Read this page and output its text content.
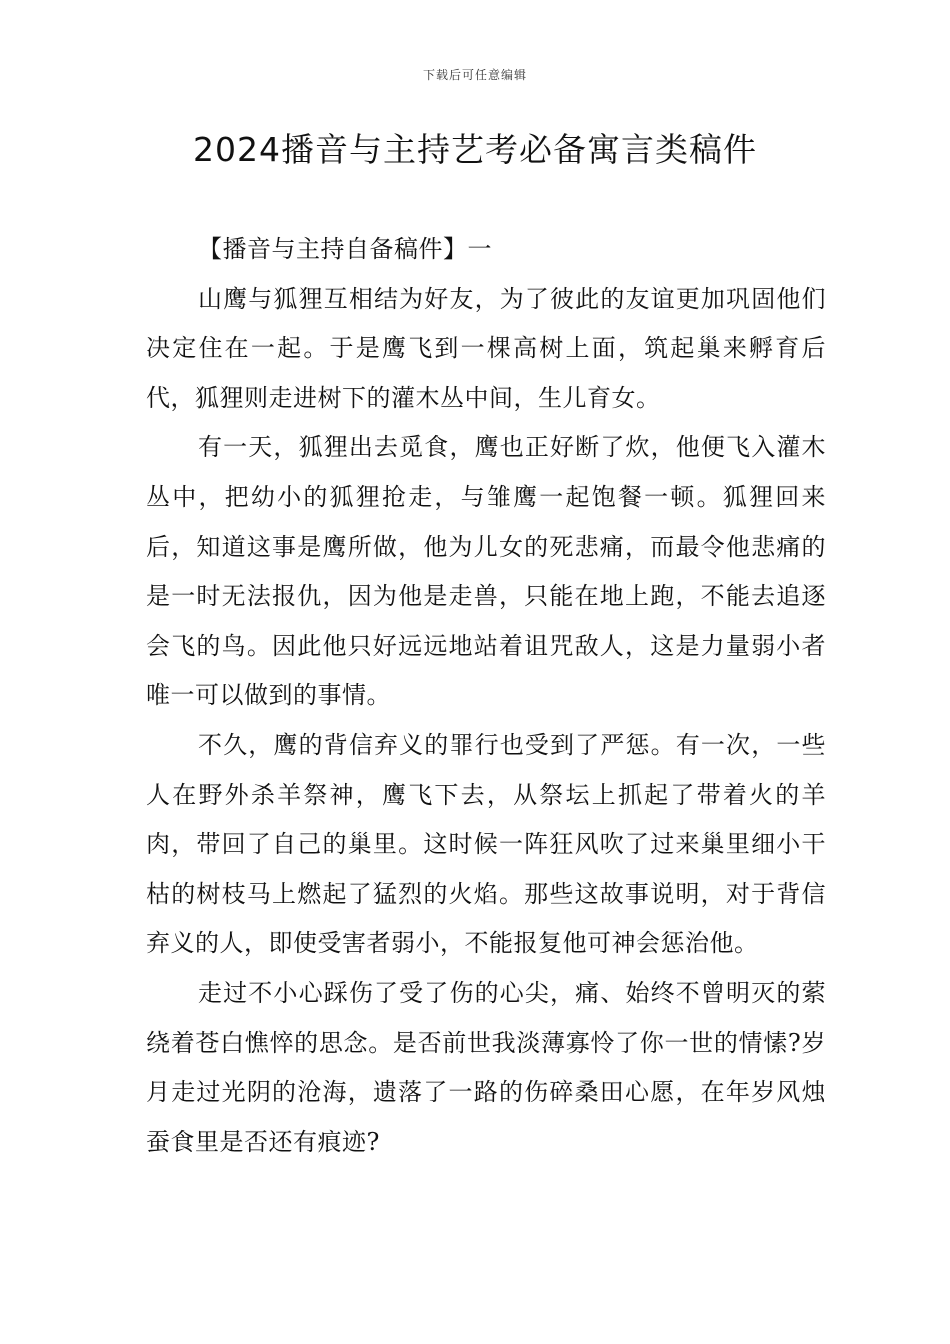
下载后可任意编辑
2024播音与主持艺考必备寓言类稿件

【播音与主持自备稿件】一

山鹰与狐狸互相结为好友，为了彼此的友谊更加巩固他们决定住在一起。于是鹰飞到一棵高树上面，筑起巢来孵育后代，狐狸则走进树下的灌木丛中间，生儿育女。

有一天，狐狸出去觅食，鹰也正好断了炊，他便飞入灌木丛中，把幼小的狐狸抢走，与雏鹰一起饱餐一顿。狐狸回来后，知道这事是鹰所做，他为儿女的死悲痛，而最令他悲痛的是一时无法报仇，因为他是走兽，只能在地上跑，不能去追逐会飞的鸟。因此他只好远远地站着诅咒敌人，这是力量弱小者唯一可以做到的事情。

不久，鹰的背信弃义的罪行也受到了严惩。有一次，一些人在野外杀羊祭神，鹰飞下去，从祭坛上抓起了带着火的羊肉，带回了自己的巢里。这时候一阵狂风吹了过来巢里细小干枯的树枝马上燃起了猛烈的火焰。那些这故事说明，对于背信弃义的人，即使受害者弱小，不能报复他可神会惩治他。

走过不小心踩伤了受了伤的心尖，痛、始终不曾明灭的萦绕着苍白憔悴的思念。是否前世我淡薄寡怜了你一世的情愫?岁月走过光阴的沧海，遗落了一路的伤碎桑田心愿，在年岁风烛蚕食里是否还有痕迹?
